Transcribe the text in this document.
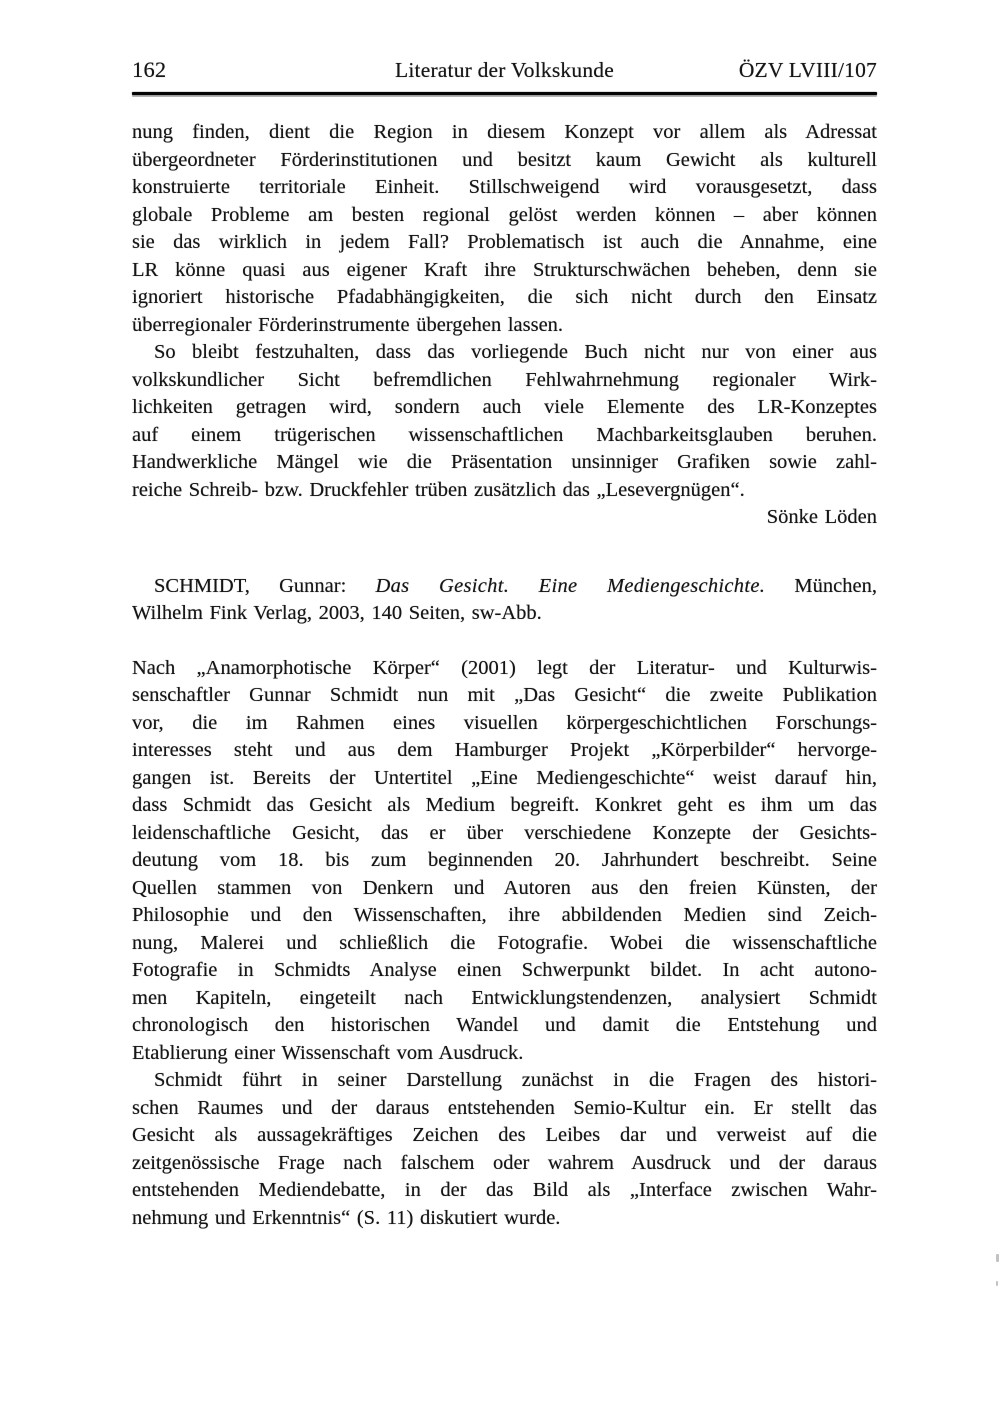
162	Literatur der Volkskunde	ÖZV LVIII/107
nung finden, dient die Region in diesem Konzept vor allem als Adressat
übergeordneter Förderinstitutionen und besitzt kaum Gewicht als kulturell
konstruierte territoriale Einheit. Stillschweigend wird vorausgesetzt, dass
globale Probleme am besten regional gelöst werden können – aber können
sie das wirklich in jedem Fall? Problematisch ist auch die Annahme, eine
LR könne quasi aus eigener Kraft ihre Strukturschwächen beheben, denn sie
ignoriert historische Pfadabhängigkeiten, die sich nicht durch den Einsatz
überregionaler Förderinstrumente übergehen lassen.
So bleibt festzuhalten, dass das vorliegende Buch nicht nur von einer aus
volkskundlicher Sicht befremdlichen Fehlwahrnehmung regionaler Wirk-
lichkeiten getragen wird, sondern auch viele Elemente des LR-Konzeptes
auf einem trügerischen wissenschaftlichen Machbarkeitsglauben beruhen.
Handwerkliche Mängel wie die Präsentation unsinniger Grafiken sowie zahl-
reiche Schreib- bzw. Druckfehler trüben zusätzlich das „Lesevergnügen“.
Sönke Löden
SCHMIDT, Gunnar: Das Gesicht. Eine Mediengeschichte. München,
Wilhelm Fink Verlag, 2003, 140 Seiten, sw-Abb.
Nach „Anamorphotische Körper“ (2001) legt der Literatur- und Kulturwis-
senschaftler Gunnar Schmidt nun mit „Das Gesicht“ die zweite Publikation
vor, die im Rahmen eines visuellen körpergeschichtlichen Forschungs-
interesses steht und aus dem Hamburger Projekt „Körperbilder“ hervorge-
gangen ist. Bereits der Untertitel „Eine Mediengeschichte“ weist darauf hin,
dass Schmidt das Gesicht als Medium begreift. Konkret geht es ihm um das
leidenschaftliche Gesicht, das er über verschiedene Konzepte der Gesichts-
deutung vom 18. bis zum beginnenden 20. Jahrhundert beschreibt. Seine
Quellen stammen von Denkern und Autoren aus den freien Künsten, der
Philosophie und den Wissenschaften, ihre abbildenden Medien sind Zeich-
nung, Malerei und schließlich die Fotografie. Wobei die wissenschaftliche
Fotografie in Schmidts Analyse einen Schwerpunkt bildet. In acht autono-
men Kapiteln, eingeteilt nach Entwicklungstendenzen, analysiert Schmidt
chronologisch den historischen Wandel und damit die Entstehung und
Etablierung einer Wissenschaft vom Ausdruck.
Schmidt führt in seiner Darstellung zunächst in die Fragen des histori-
schen Raumes und der daraus entstehenden Semio-Kultur ein. Er stellt das
Gesicht als aussagekräftiges Zeichen des Leibes dar und verweist auf die
zeitgenössische Frage nach falschem oder wahrem Ausdruck und der daraus
entstehenden Mediendebatte, in der das Bild als „Interface zwischen Wahr-
nehmung und Erkenntnis“ (S. 11) diskutiert wurde.
